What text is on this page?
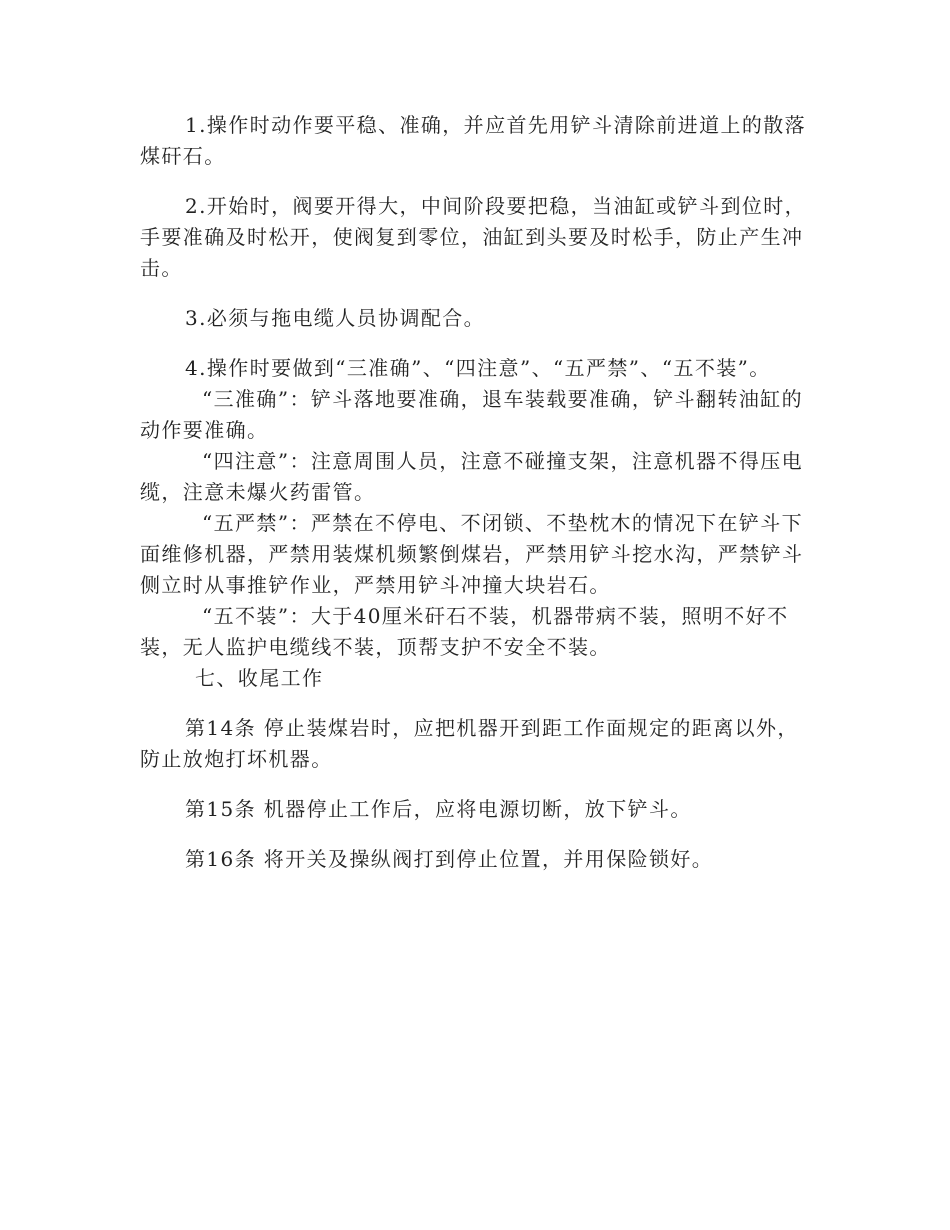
1.操作时动作要平稳、准确，并应首先用铲斗清除前进道上的散落煤矸石。

2.开始时，阀要开得大，中间阶段要把稳，当油缸或铲斗到位时，手要准确及时松开，使阀复到零位，油缸到头要及时松手，防止产生冲击。

3.必须与拖电缆人员协调配合。

4.操作时要做到“三准确”、“四注意”、“五严禁”、“五不装”。

“三准确”：铲斗落地要准确，退车装载要准确，铲斗翻转油缸的动作要准确。

“四注意”：注意周围人员，注意不碰撞支架，注意机器不得压电缆，注意未爆火药雷管。

“五严禁”：严禁在不停电、不闭锁、不垫枕木的情况下在铲斗下面维修机器，严禁用装煤机频繁倒煤岩，严禁用铲斗挖水沟，严禁铲斗侧立时从事推铲作业，严禁用铲斗冲撞大块岩石。

“五不装”：大于40厘米矸石不装，机器带病不装，照明不好不装，无人监护电缆线不装，顶帮支护不安全不装。

七、收尾工作

第14条 停止装煤岩时，应把机器开到距工作面规定的距离以外，防止放炮打坏机器。

第15条 机器停止工作后，应将电源切断，放下铲斗。

第16条 将开关及操纵阀打到停止位置，并用保险锁好。
